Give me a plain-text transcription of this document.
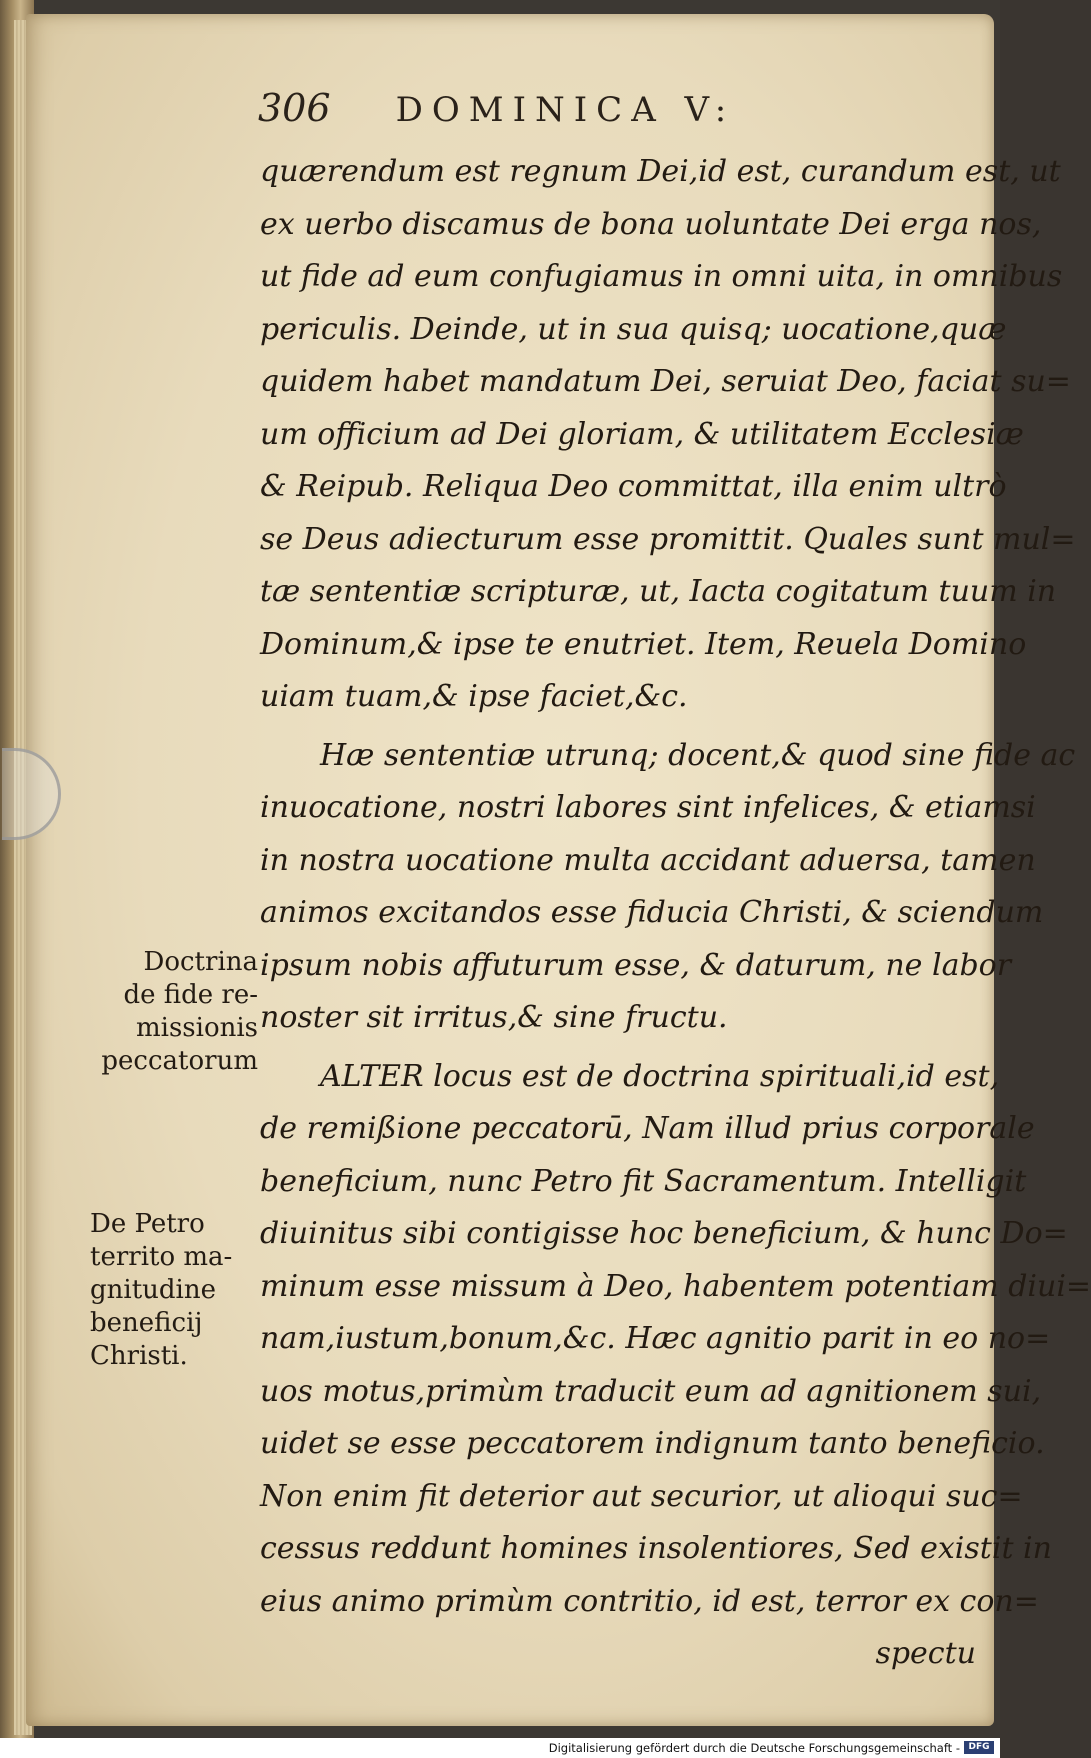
306 DOMINICA V:
quærendum est regnum Dei,id est, curandum est, ut
ex uerbo discamus de bona uoluntate Dei erga nos,
ut fide ad eum confugiamus in omni uita, in omnibus
periculis. Deinde, ut in sua quisq; uocatione,quæ
quidem habet mandatum Dei, seruiat Deo, faciat su=
um officium ad Dei gloriam, & utilitatem Ecclesiæ
& Reipub. Reliqua Deo committat, illa enim ultrò
se Deus adiecturum esse promittit. Quales sunt mul=
tæ sententiæ scripturæ, ut, Iacta cogitatum tuum in
Dominum,& ipse te enutriet. Item, Reuela Domino
uiam tuam,& ipse faciet,&c.
Hæ sententiæ utrunq; docent,& quod sine fide ac
inuocatione, nostri labores sint infelices, & etiamsi
in nostra uocatione multa accidant aduersa, tamen
animos excitandos esse fiducia Christi, & sciendum
ipsum nobis affuturum esse, & daturum, ne labor
noster sit irritus,& sine fructu.
ALTER locus est de doctrina spirituali,id est,
de remißione peccatorū, Nam illud prius corporale
beneficium, nunc Petro fit Sacramentum. Intelligit
diuinitus sibi contigisse hoc beneficium, & hunc Do=
minum esse missum à Deo, habentem potentiam diui=
nam,iustum,bonum,&c. Hæc agnitio parit in eo no=
uos motus,primùm traducit eum ad agnitionem sui,
uidet se esse peccatorem indignum tanto beneficio.
Non enim fit deterior aut securior, ut alioqui suc=
cessus reddunt homines insolentiores, Sed existit in
eius animo primùm contritio, id est, terror ex con=
spectu
Doctrina
de fide re-
missionis
peccatorum
De Petro
territo ma-
gnitudine
beneficij
Christi.
Digitalisierung gefördert durch die Deutsche Forschungsgemeinschaft - DFG
